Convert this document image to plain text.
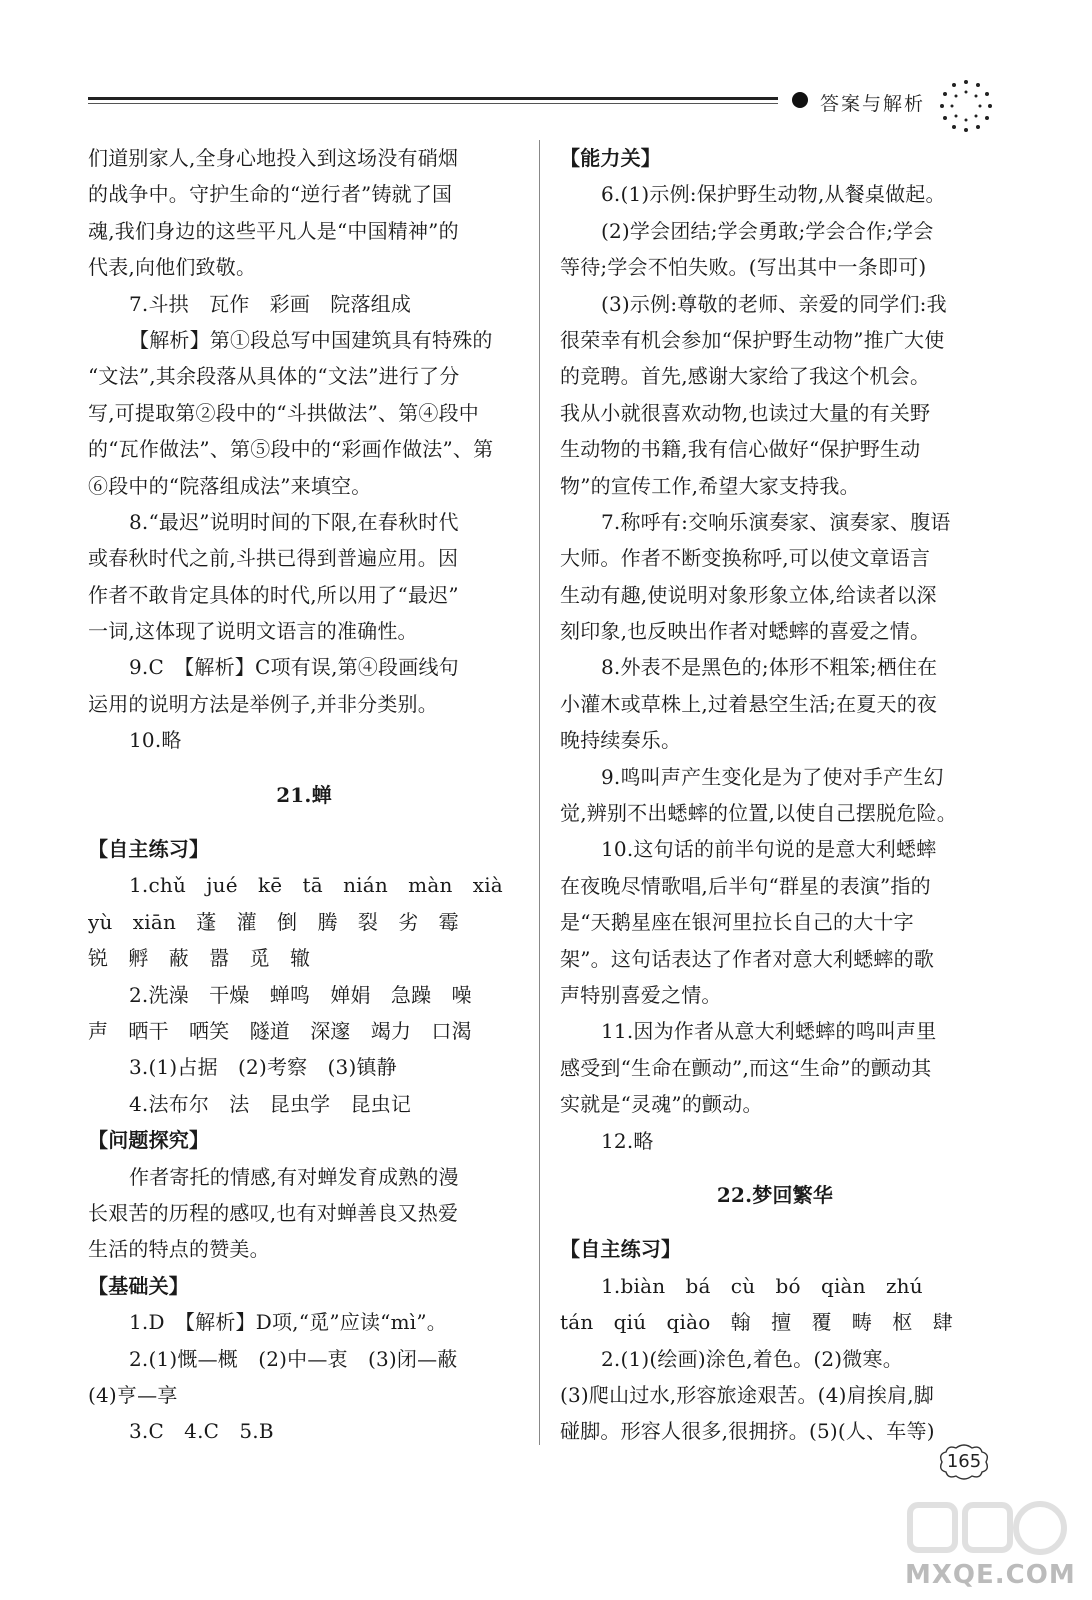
答案与解析
们道别家人,全身心地投入到这场没有硝烟
的战争中。守护生命的“逆行者”铸就了国
魂,我们身边的这些平凡人是“中国精神”的
代表,向他们致敬。
7.斗拱　瓦作　彩画　院落组成
【解析】第①段总写中国建筑具有特殊的
“文法”,其余段落从具体的“文法”进行了分
写,可提取第②段中的“斗拱做法”、第④段中
的“瓦作做法”、第⑤段中的“彩画作做法”、第
⑥段中的“院落组成法”来填空。
8.“最迟”说明时间的下限,在春秋时代
或春秋时代之前,斗拱已得到普遍应用。因
作者不敢肯定具体的时代,所以用了“最迟”
一词,这体现了说明文语言的准确性。
9.C　【解析】C项有误,第④段画线句
运用的说明方法是举例子,并非分类别。
10.略
21.蝉
【自主练习】
1.chǔ　jué　kē　tā　nián　màn　xià
yù　xiān　蓬　灌　倒　腾　裂　劣　霉
锐　孵　蔽　嚣　觅　辙
2.洗澡　干燥　蝉鸣　婵娟　急躁　噪
声　晒干　哂笑　隧道　深邃　竭力　口渴
3.(1)占据　(2)考察　(3)镇静
4.法布尔　法　昆虫学　昆虫记
【问题探究】
作者寄托的情感,有对蝉发育成熟的漫
长艰苦的历程的感叹,也有对蝉善良又热爱
生活的特点的赞美。
【基础关】
1.D　【解析】D项,“觅”应读“mì”。
2.(1)慨—概　(2)中—衷　(3)闭—蔽
(4)亨—享
3.C　4.C　5.B
【能力关】
6.(1)示例:保护野生动物,从餐桌做起。
(2)学会团结;学会勇敢;学会合作;学会
等待;学会不怕失败。(写出其中一条即可)
(3)示例:尊敬的老师、亲爱的同学们:我
很荣幸有机会参加“保护野生动物”推广大使
的竞聘。首先,感谢大家给了我这个机会。
我从小就很喜欢动物,也读过大量的有关野
生动物的书籍,我有信心做好“保护野生动
物”的宣传工作,希望大家支持我。
7.称呼有:交响乐演奏家、演奏家、腹语
大师。作者不断变换称呼,可以使文章语言
生动有趣,使说明对象形象立体,给读者以深
刻印象,也反映出作者对蟋蟀的喜爱之情。
8.外表不是黑色的;体形不粗笨;栖住在
小灌木或草株上,过着悬空生活;在夏天的夜
晚持续奏乐。
9.鸣叫声产生变化是为了使对手产生幻
觉,辨别不出蟋蟀的位置,以使自己摆脱危险。
10.这句话的前半句说的是意大利蟋蟀
在夜晚尽情歌唱,后半句“群星的表演”指的
是“天鹅星座在银河里拉长自己的大十字
架”。这句话表达了作者对意大利蟋蟀的歌
声特别喜爱之情。
11.因为作者从意大利蟋蟀的鸣叫声里
感受到“生命在颤动”,而这“生命”的颤动其
实就是“灵魂”的颤动。
12.略
22.梦回繁华
【自主练习】
1.biàn　bá　cù　bó　qiàn　zhú
tán　qiú　qiào　翰　擅　覆　畴　枢　肆
2.(1)(绘画)涂色,着色。(2)微寒。
(3)爬山过水,形容旅途艰苦。(4)肩挨肩,脚
碰脚。形容人很多,很拥挤。(5)(人、车等)
165
MXQE.COM
